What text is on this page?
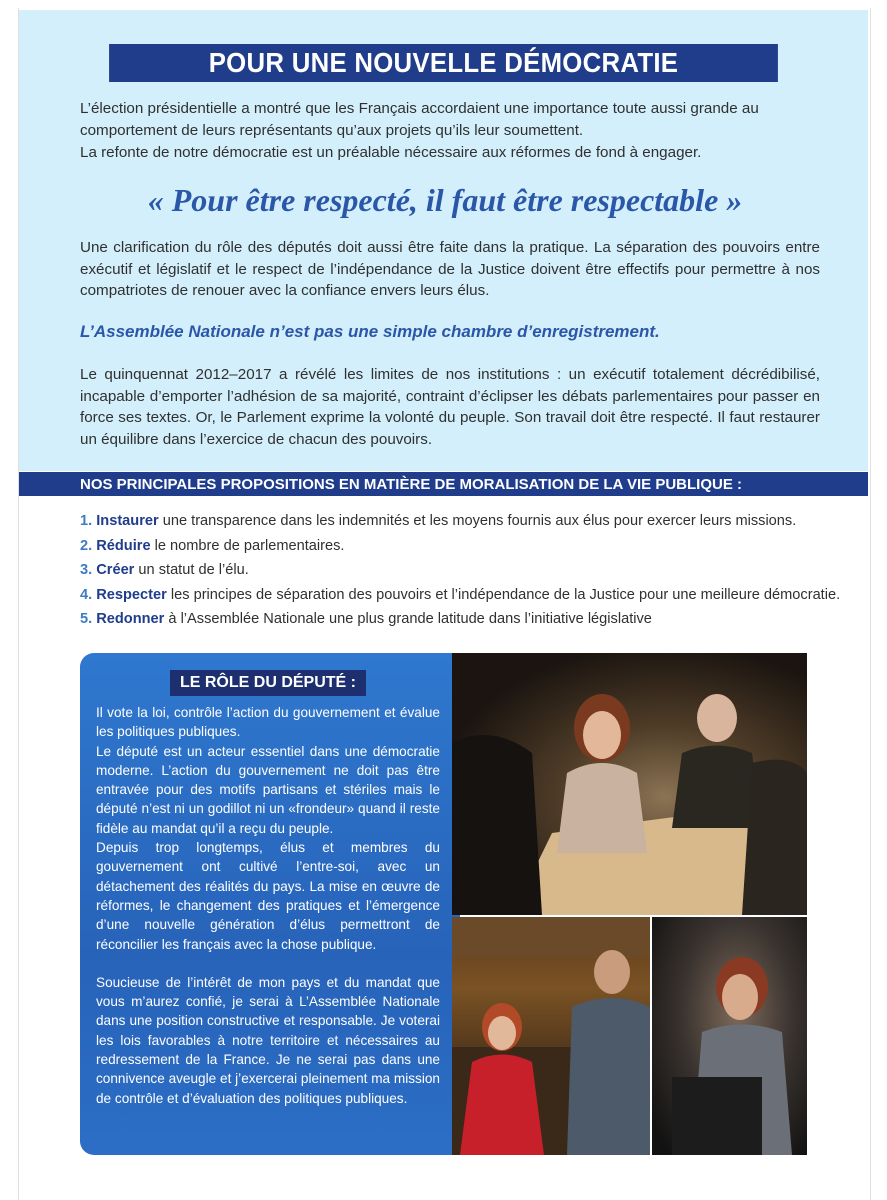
POUR UNE NOUVELLE DÉMOCRATIE

L’élection présidentielle a montré que les Français accordaient une importance toute aussi grande au comportement de leurs représentants qu’aux projets qu’ils leur soumettent.

La refonte de notre démocratie est un préalable nécessaire aux réformes de fond à engager.

« Pour être respecté, il faut être respectable »
Une clarification du rôle des députés doit aussi être faite dans la pratique. La séparation des pouvoirs entre exécutif et législatif et le respect de l’indépendance de la Justice doivent être effectifs pour permettre à nos compatriotes de renouer avec la confiance envers leurs élus.
L’Assemblée Nationale n’est pas une simple chambre d’enregistrement.
Le quinquennat 2012–2017 a révélé les limites de nos institutions : un exécutif totalement décrédibilisé, incapable d’emporter l’adhésion de sa majorité, contraint d’éclipser les débats parlementaires pour passer en force ses textes. Or, le Parlement exprime la volonté du peuple. Son travail doit être respecté. Il faut restaurer un équilibre dans l’exercice de chacun des pouvoirs.
NOS PRINCIPALES PROPOSITIONS EN MATIÈRE DE MORALISATION DE LA VIE PUBLIQUE :
1. Instaurer une transparence dans les indemnités et les moyens fournis aux élus pour exercer leurs missions.
2. Réduire le nombre de parlementaires.
3. Créer un statut de l’élu.
4. Respecter les principes de séparation des pouvoirs et l’indépendance de la Justice pour une meilleure démocratie.
5. Redonner à l’Assemblée Nationale une plus grande latitude dans l’initiative législative
LE RÔLE DU DÉPUTÉ :

Il vote la loi, contrôle l’action du gouvernement et évalue les politiques publiques.

Le député est un acteur essentiel dans une démocratie moderne. L’action du gouvernement ne doit pas être entravée pour des motifs partisans et stériles mais le député n’est ni un godillot ni un «frondeur» quand il reste fidèle au mandat qu’il a reçu du peuple.

Depuis trop longtemps, élus et membres du gouvernement ont cultivé l’entre-soi, avec un détachement des réalités du pays. La mise en œuvre de réformes, le changement des pratiques et l’émergence d’une nouvelle génération d’élus permettront de réconcilier les français avec la chose publique.

Soucieuse de l’intérêt de mon pays et du mandat que vous m’aurez confié, je serai à L’Assemblée Nationale dans une position constructive et responsable. Je voterai les lois favorables à notre territoire et nécessaires au redressement de la France. Je ne serai pas dans une connivence aveugle et j’exercerai pleinement ma mission de contrôle et d’évaluation des politiques publiques.
